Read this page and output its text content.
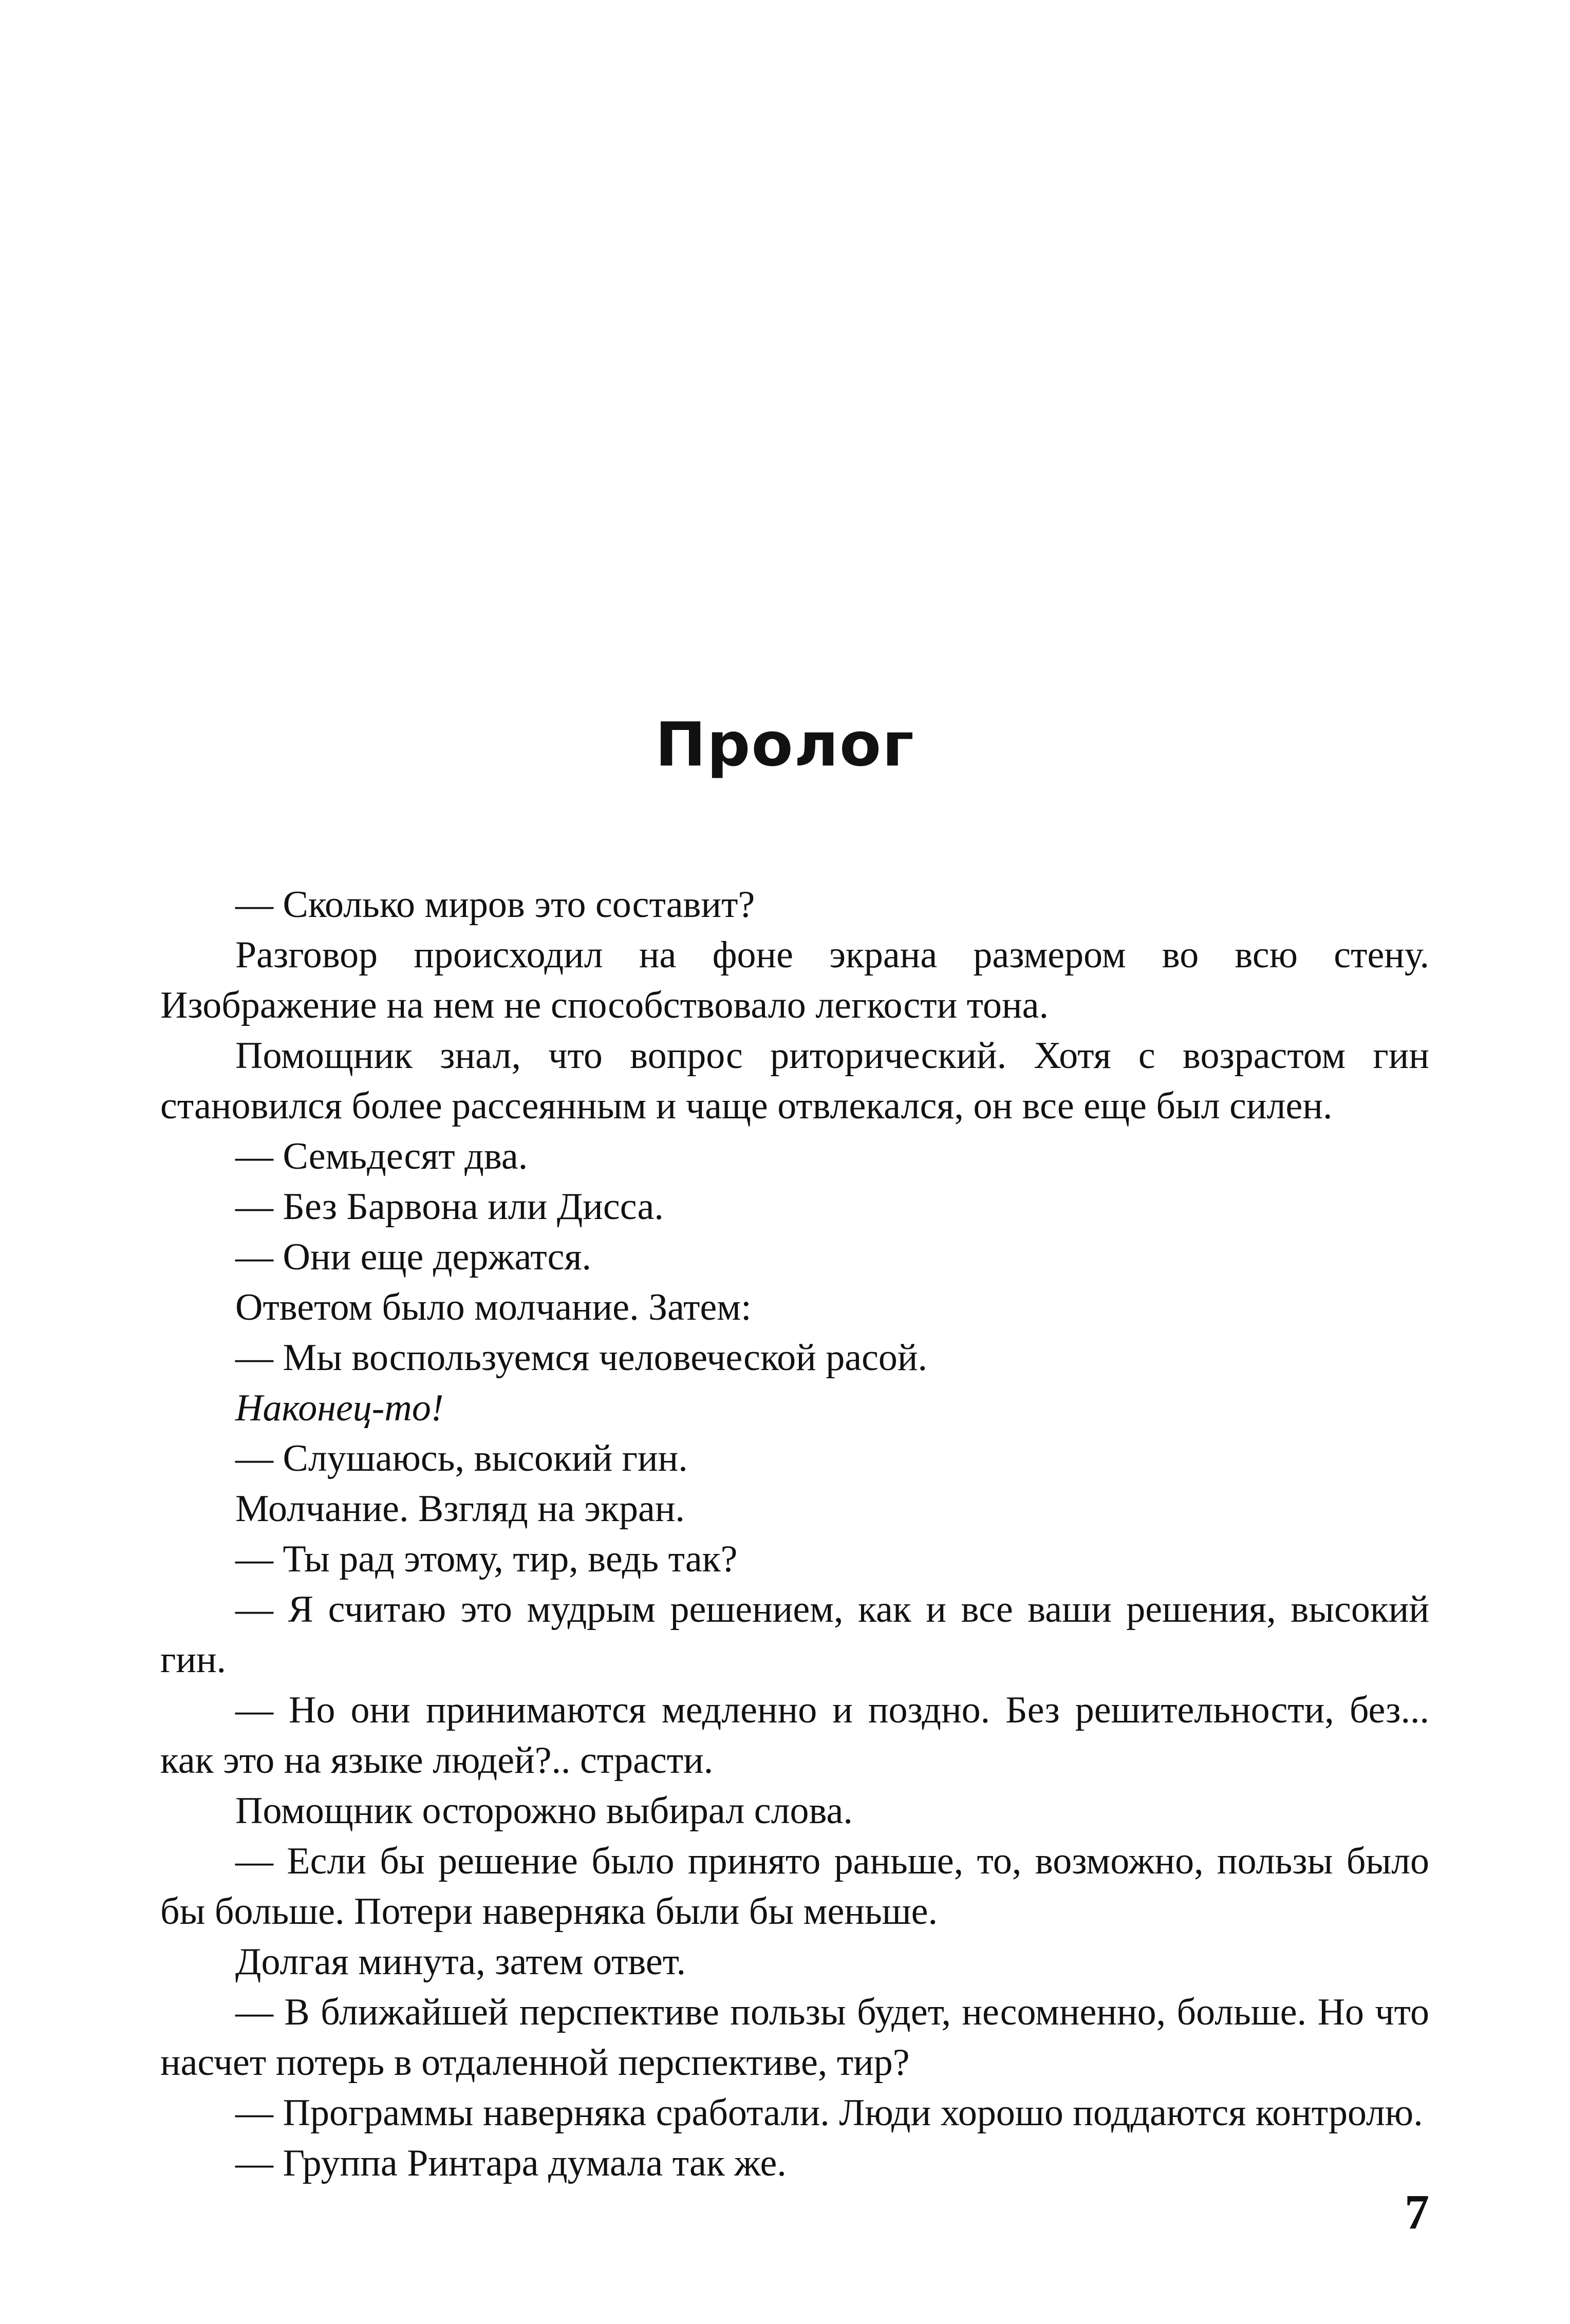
Пролог

— Сколько миров это составит?

Разговор происходил на фоне экрана размером во всю стену. Изображение на нем не способствовало легкости тона.

Помощник знал, что вопрос риторический. Хотя с возрастом гин становился более рассеянным и чаще отвлекался, он все еще был силен.

— Семьдесят два.

— Без Барвона или Дисса.

— Они еще держатся.

Ответом было молчание. Затем:

— Мы воспользуемся человеческой расой.

Наконец-то!

— Слушаюсь, высокий гин.

Молчание. Взгляд на экран.

— Ты рад этому, тир, ведь так?

— Я считаю это мудрым решением, как и все ваши решения, высокий гин.

— Но они принимаются медленно и поздно. Без решительности, без... как это на языке людей?.. страсти.

Помощник осторожно выбирал слова.

— Если бы решение было принято раньше, то, возможно, пользы было бы больше. Потери наверняка были бы меньше.

Долгая минута, затем ответ.

— В ближайшей перспективе пользы будет, несомненно, больше. Но что насчет потерь в отдаленной перспективе, тир?

— Программы наверняка сработали. Люди хорошо поддаются контролю.

— Группа Ринтара думала так же.

7
